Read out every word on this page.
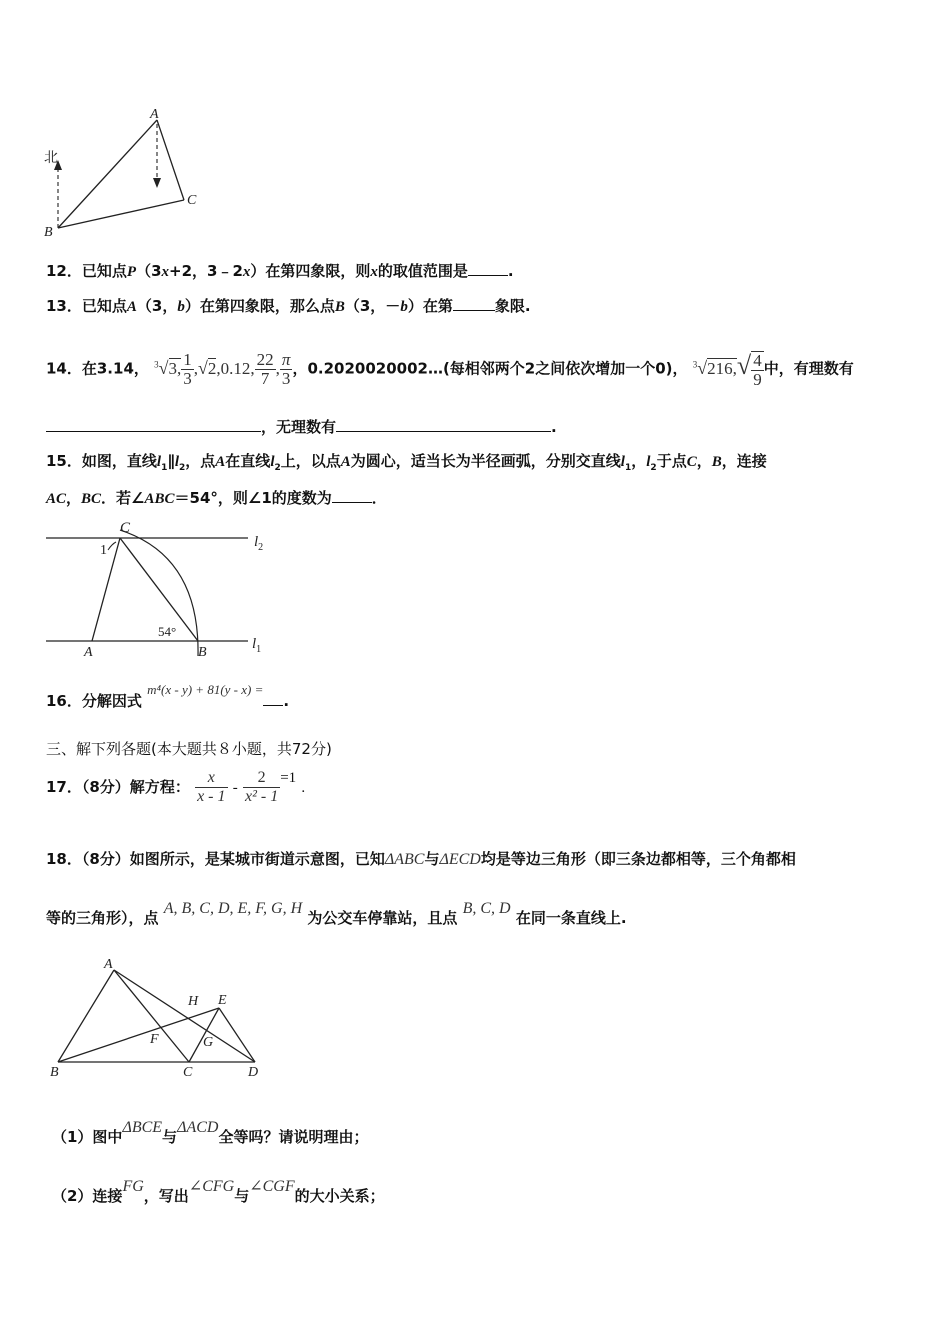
北
A
B
C
12．已知点P（3x+2，3﹣2x）在第四象限，则x的取值范围是	.
13．已知点A（3，b）在第四象限，那么点B（3，－b）在第	象限.
14．在3.14， $^3$√3, $\frac{1}{3} ,√2,0.12$, $\frac{22}{7}$ , $\frac{\pi}{3}$ ，0.2020020002…(每相邻两个2之间依次增加一个0)， $^3√216,√ \frac{4}{9}$ 中，有理数有
，无理数有	.
15．如图，直线$l_1\parallel l_2$，点A在直线$l_2$上，以点A为圆心，适当长为半径画弧，分别交直线$l_1$，$l_2$于点C，B，连接
AC，BC．若∠ABC＝54°，则∠1的度数为	．
C
$l_2$
1
54°
A	B
$l_1$
16．分解因式 m⁴(x - y) + 81(y - x) =.
三、解下列各题(本大题共８小题，共72分)
17．（8分）解方程： $\frac{x}{x - 1} - \frac{2}{\text{x² - 1}} =1$ .
18．（8分）如图所示，是某城市街道示意图，已知ΔABC与ΔECD均是等边三角形（即三条边都相等，三个角都相
等的三角形），点 A, B, C, D, E, F, G, H 为公交车停靠站，且点 B, C, D 在同一条直线上.
A
H E
F	G
B	C	D
（1）图中ΔBCE与ΔACD全等吗？请说明理由；
（2）连接FG，写出∠CFG与∠CGF的大小关系；
